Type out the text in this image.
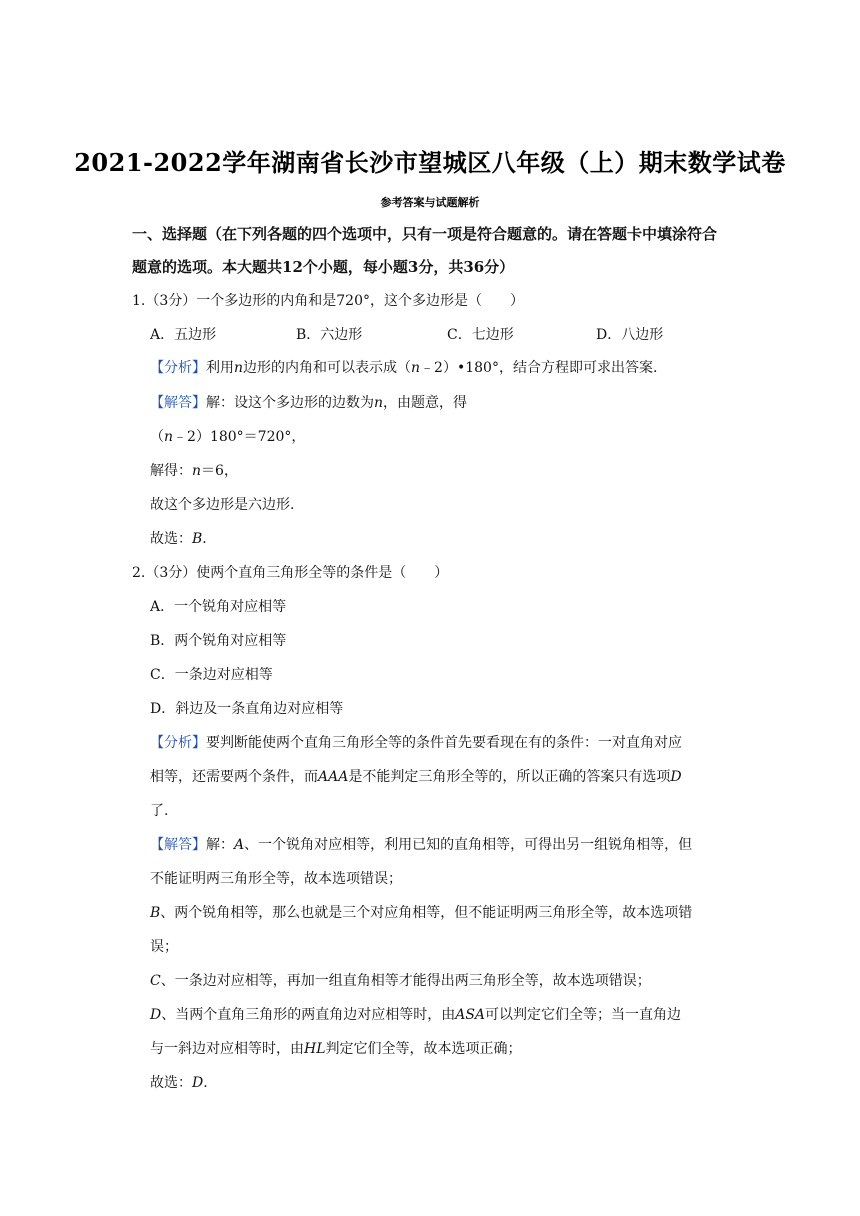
2021-2022学年湖南省长沙市望城区八年级（上）期末数学试卷
参考答案与试题解析
一、选择题（在下列各题的四个选项中，只有一项是符合题意的。请在答题卡中填涂符合
题意的选项。本大题共12个小题，每小题3分，共36分）
1.（3分）一个多边形的内角和是720°，这个多边形是（　　）
A．五边形	B．六边形	C．七边形	D．八边形
【分析】利用n边形的内角和可以表示成（n﹣2）•180°，结合方程即可求出答案.
【解答】解：设这个多边形的边数为n，由题意，得
（n﹣2）180°＝720°，
解得：n＝6，
故这个多边形是六边形.
故选：B.
2.（3分）使两个直角三角形全等的条件是（　　）
A．一个锐角对应相等
B．两个锐角对应相等
C．一条边对应相等
D．斜边及一条直角边对应相等
【分析】要判断能使两个直角三角形全等的条件首先要看现在有的条件：一对直角对应
相等，还需要两个条件，而AAA是不能判定三角形全等的，所以正确的答案只有选项D
了.
【解答】解：A、一个锐角对应相等，利用已知的直角相等，可得出另一组锐角相等，但
不能证明两三角形全等，故本选项错误；
B、两个锐角相等，那么也就是三个对应角相等，但不能证明两三角形全等，故本选项错
误；
C、一条边对应相等，再加一组直角相等才能得出两三角形全等，故本选项错误；
D、当两个直角三角形的两直角边对应相等时，由ASA可以判定它们全等；当一直角边
与一斜边对应相等时，由HL判定它们全等，故本选项正确；
故选：D.
